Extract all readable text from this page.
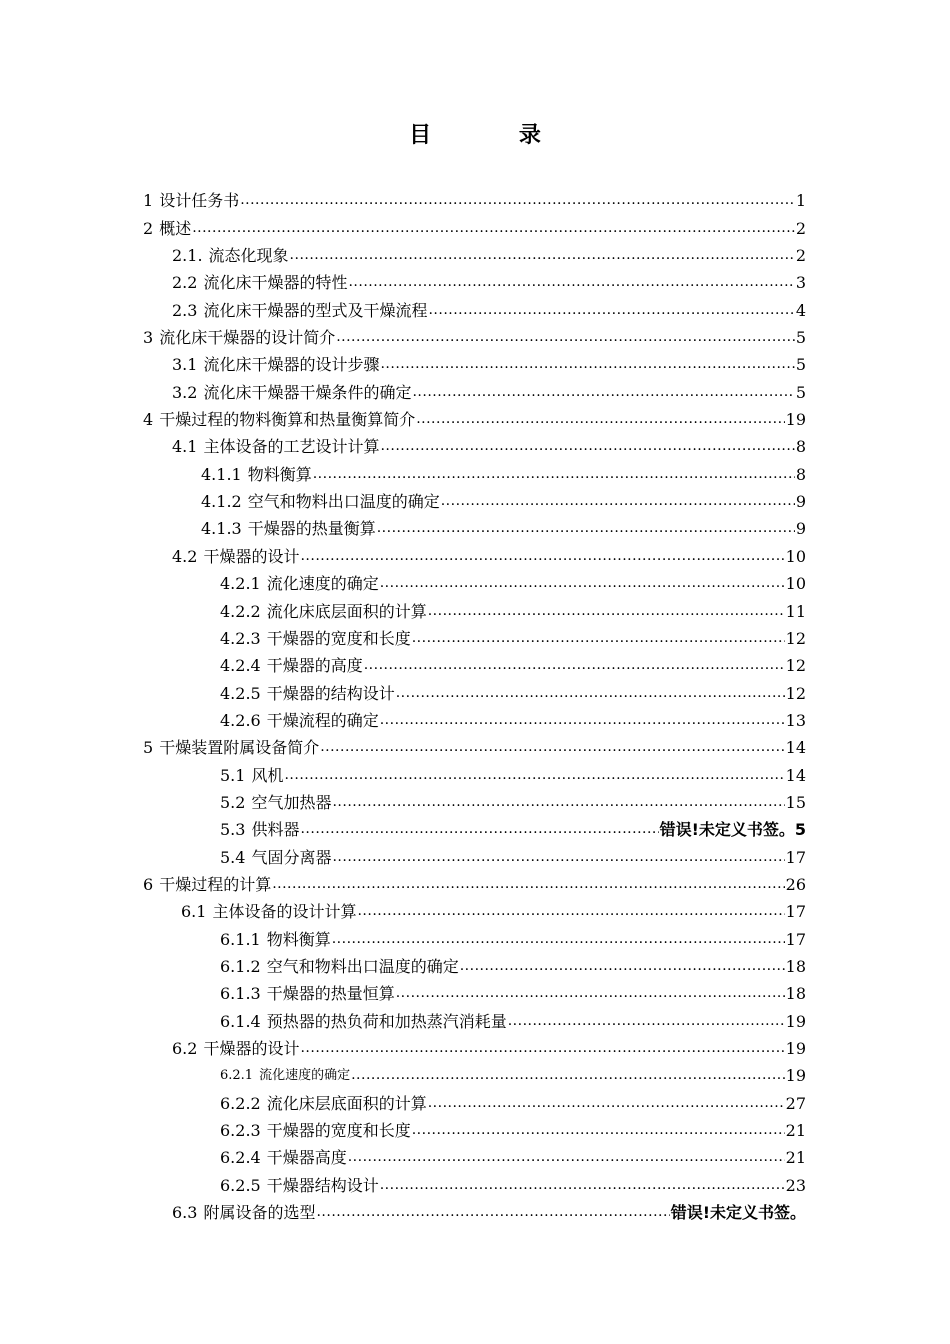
目 录
1 设计任务书 .....	1
2 概述 .....	2
2.1. 流态化现象 .....	2
2.2 流化床干燥器的特性 .....	3
2.3 流化床干燥器的型式及干燥流程 .....	4
3 流化床干燥器的设计简介 .....	5
3.1 流化床干燥器的设计步骤 .....	5
3.2 流化床干燥器干燥条件的确定 .....	5
4 干燥过程的物料衡算和热量衡算简介 .....	19
4.1 主体设备的工艺设计计算 .....	8
4.1.1 物料衡算 .....	8
4.1.2 空气和物料出口温度的确定 .....	9
4.1.3 干燥器的热量衡算 .....	9
4.2 干燥器的设计 .....	10
4.2.1 流化速度的确定 .....	10
4.2.2 流化床底层面积的计算 .....	11
4.2.3 干燥器的宽度和长度 .....	12
4.2.4 干燥器的高度 .....	12
4.2.5 干燥器的结构设计 .....	12
4.2.6 干燥流程的确定 .....	13
5 干燥装置附属设备简介 .....	14
5.1 风机 .....	14
5.2 空气加热器 .....	15
5.3 供料器 .....	错误!未定义书签。5
5.4 气固分离器 .....	17
6 干燥过程的计算 .....	26
6.1 主体设备的设计计算 .....	17
6.1.1 物料衡算 .....	17
6.1.2 空气和物料出口温度的确定 .....	18
6.1.3 干燥器的热量恒算 .....	18
6.1.4 预热器的热负荷和加热蒸汽消耗量 .....	19
6.2 干燥器的设计 .....	19
6.2.1 流化速度的确定 .....	19
6.2.2 流化床层底面积的计算 .....	27
6.2.3 干燥器的宽度和长度 .....	21
6.2.4 干燥器高度 .....	21
6.2.5 干燥器结构设计 .....	23
6.3 附属设备的选型 .....	错误!未定义书签。
